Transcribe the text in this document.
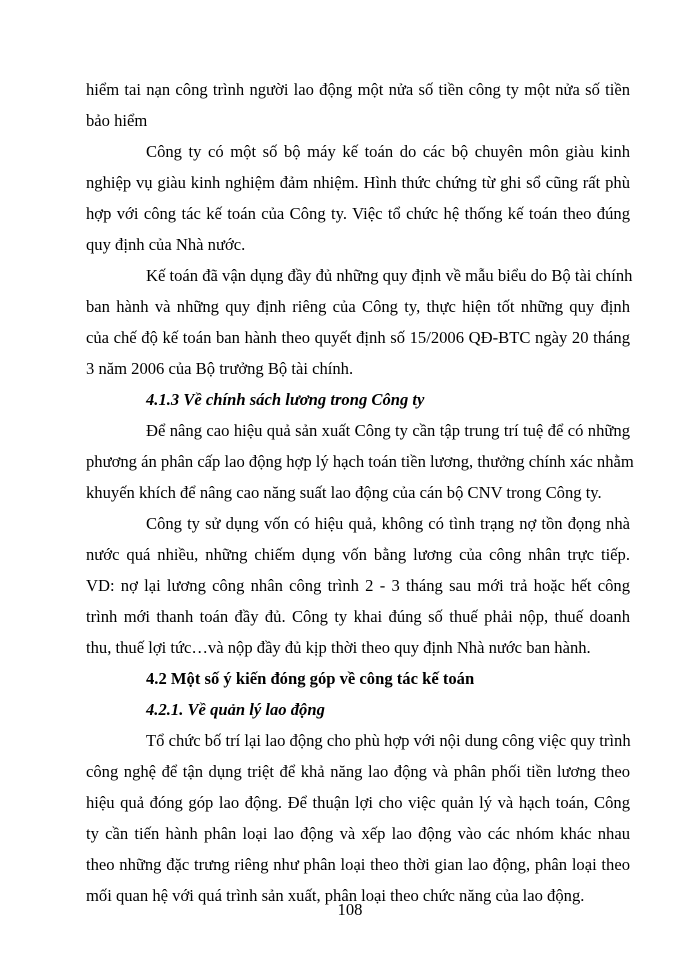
hiểm tai nạn công trình người lao động một nửa số tiền công ty một nửa số tiền
bảo hiểm
Công ty có một số bộ máy kế toán do các bộ chuyên môn giàu kinh
nghiệp vụ giàu kinh nghiệm đảm nhiệm. Hình thức chứng từ ghi sổ cũng rất phù
hợp với công tác kế toán của Công ty. Việc tổ chức hệ thống kế toán theo đúng
quy định của Nhà nước.
Kế toán đã vận dụng đầy đủ những quy định về mẫu biểu do Bộ tài chính
ban hành và những quy định riêng của Công ty, thực hiện tốt những quy định
của chế độ kế toán ban hành theo quyết định số 15/2006 QĐ-BTC ngày 20 tháng
3 năm 2006 của Bộ trưởng Bộ tài chính.
4.1.3 Về chính sách lương trong Công ty
Để nâng cao hiệu quả sản xuất Công ty cần tập trung trí tuệ để có những
phương án phân cấp lao động hợp lý hạch toán tiền lương, thưởng chính xác nhằm
khuyến khích để nâng cao năng suất lao động của cán bộ CNV trong Công ty.
Công ty sử dụng vốn có hiệu quả, không có tình trạng nợ tồn đọng nhà
nước quá nhiều, những chiếm dụng vốn bằng lương của công nhân trực tiếp.
VD: nợ lại lương công nhân công trình 2 - 3 tháng sau mới trả hoặc hết công
trình mới thanh toán đầy đủ. Công ty khai đúng số thuế phải nộp, thuế doanh
thu, thuế lợi tức…và nộp đầy đủ kịp thời theo quy định Nhà nước ban hành.
4.2 Một số ý kiến đóng góp về công tác kế toán
4.2.1. Về quản lý lao động
Tổ chức bố trí lại lao động cho phù hợp với nội dung công việc quy trình
công nghệ để tận dụng triệt để khả năng lao động và phân phối tiền lương theo
hiệu quả đóng góp lao động. Để thuận lợi cho việc quản lý và hạch toán, Công
ty cần tiến hành phân loại lao động và xếp lao động vào các nhóm khác nhau
theo những đặc trưng riêng như phân loại theo thời gian lao động, phân loại theo
mối quan hệ với quá trình sản xuất, phân loại theo chức năng của lao động.
108
